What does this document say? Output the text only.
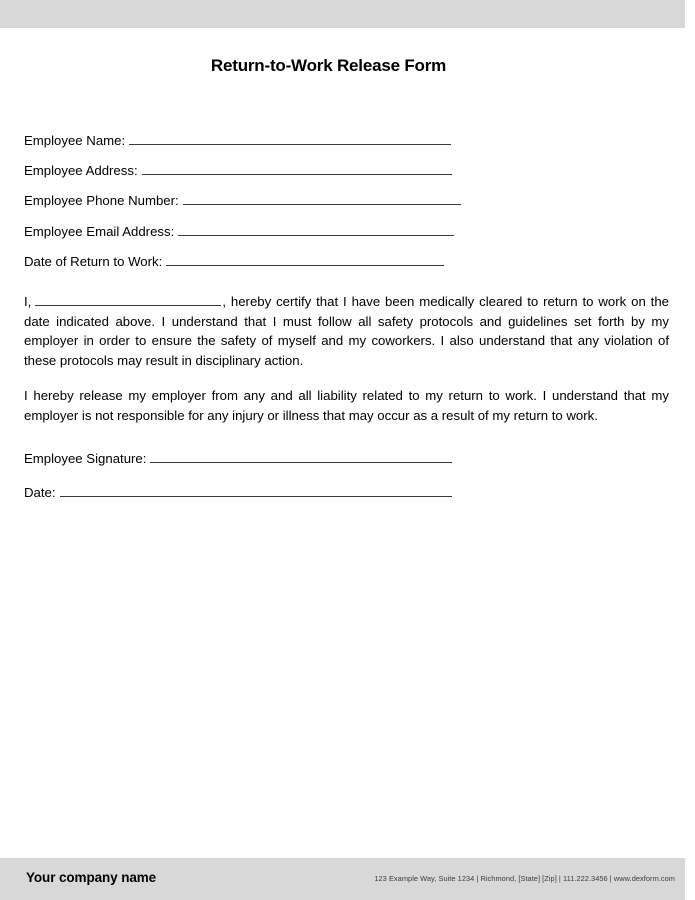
Return-to-Work Release Form
Employee Name:
Employee Address:
Employee Phone Number:
Employee Email Address:
Date of Return to Work:

I,	, hereby certify that I have been medically cleared to return to work on the date indicated above. I understand that I must follow all safety protocols and guidelines set forth by my employer in order to ensure the safety of myself and my coworkers. I also understand that any violation of these protocols may result in disciplinary action.

I hereby release my employer from any and all liability related to my return to work. I understand that my employer is not responsible for any injury or illness that may occur as a result of my return to work.

Employee Signature:
Date:
Your company name	123 Example Way, Suite 1234 | Richmond, [State] [Zip] | 111.222.3456 | www.dexform.com
